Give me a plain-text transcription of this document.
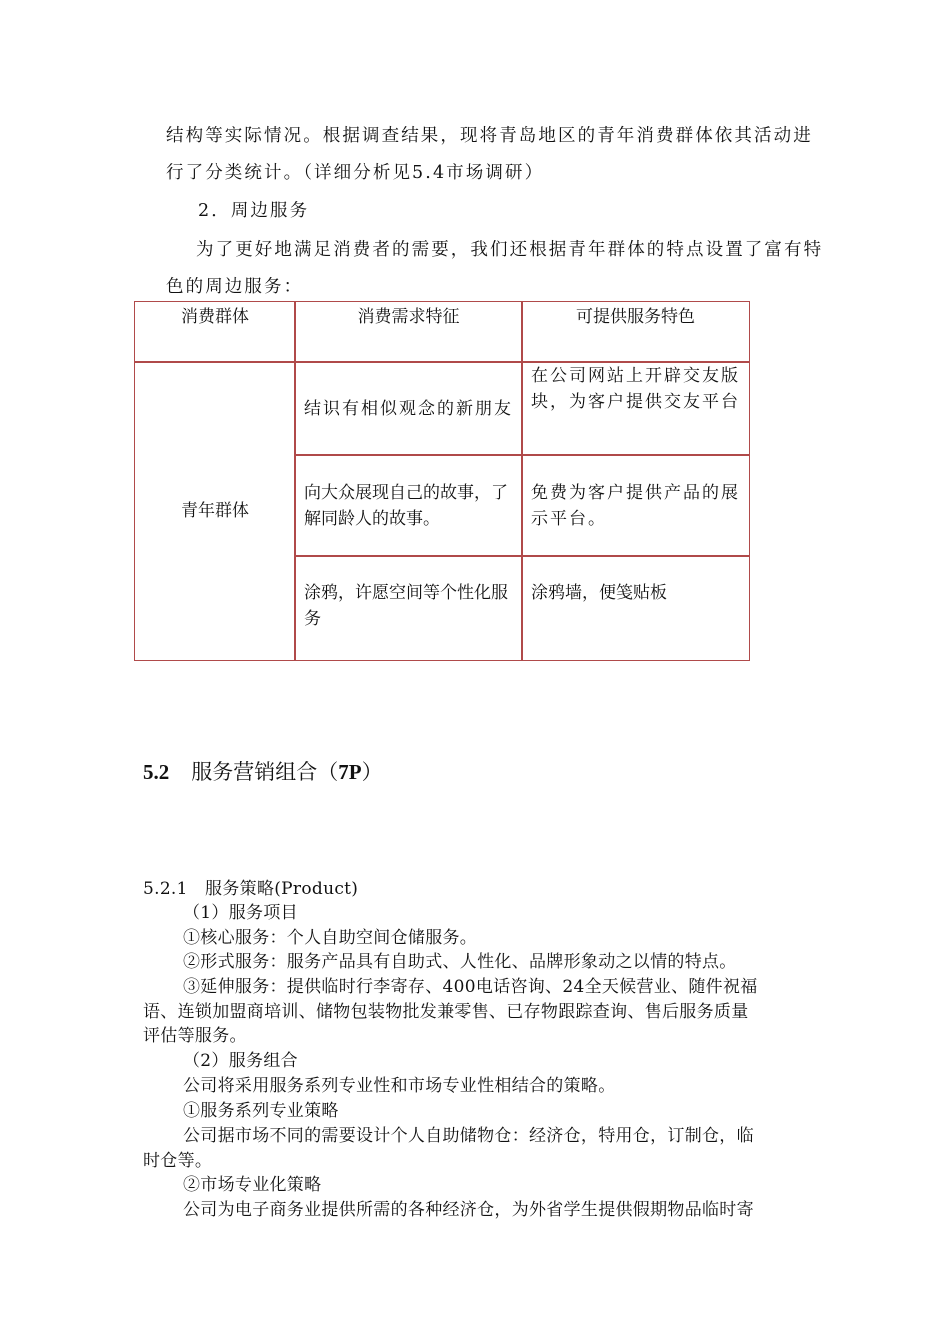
结构等实际情况。根据调查结果，现将青岛地区的青年消费群体依其活动进
行了分类统计。（详细分析见5.4市场调研）
2．周边服务
为了更好地满足消费者的需要，我们还根据青年群体的特点设置了富有特
色的周边服务：
消费群体	消费需求特征	可提供服务特色
青年群体
结识有相似观念的新朋友
在公司网站上开辟交友版块，为客户提供交友平台
向大众展现自己的故事，了解同龄人的故事。
免费为客户提供产品的展示平台。
涂鸦，许愿空间等个性化服务
涂鸦墙，便笺贴板
5.2 服务营销组合（7P）
5.2.1　服务策略(Product)
（1）服务项目
①核心服务：个人自助空间仓储服务。
②形式服务：服务产品具有自助式、人性化、品牌形象动之以情的特点。
③延伸服务：提供临时行李寄存、400电话咨询、24全天候营业、随件祝福
语、连锁加盟商培训、储物包装物批发兼零售、已存物跟踪查询、售后服务质量
评估等服务。
（2）服务组合
公司将采用服务系列专业性和市场专业性相结合的策略。
①服务系列专业策略
公司据市场不同的需要设计个人自助储物仓：经济仓，特用仓，订制仓，临
时仓等。
②市场专业化策略
公司为电子商务业提供所需的各种经济仓，为外省学生提供假期物品临时寄
